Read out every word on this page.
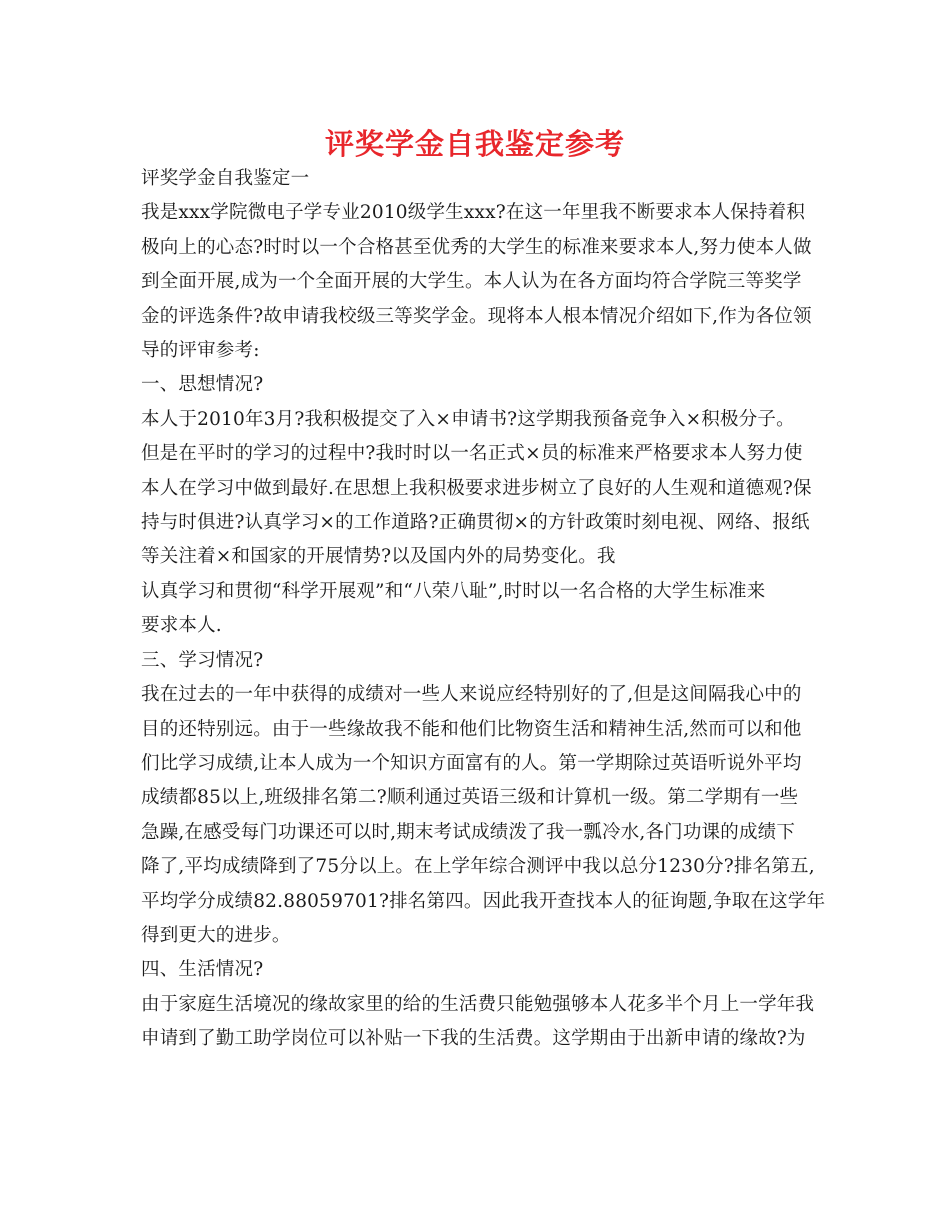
评奖学金自我鉴定参考
评奖学金自我鉴定一
我是xxx学院微电子学专业2010级学生xxx?在这一年里我不断要求本人保持着积
极向上的心态?时时以一个合格甚至优秀的大学生的标准来要求本人,努力使本人做
到全面开展,成为一个全面开展的大学生。本人认为在各方面均符合学院三等奖学
金的评选条件?故申请我校级三等奖学金。现将本人根本情况介绍如下,作为各位领
导的评审参考:
一、思想情况?
本人于2010年3月?我积极提交了入×申请书?这学期我预备竞争入×积极分子。
但是在平时的学习的过程中?我时时以一名正式×员的标准来严格要求本人努力使
本人在学习中做到最好.在思想上我积极要求进步树立了良好的人生观和道德观?保
持与时俱进?认真学习×的工作道路?正确贯彻×的方针政策时刻电视、网络、报纸
等关注着×和国家的开展情势?以及国内外的局势变化。我
认真学习和贯彻“科学开展观”和“八荣八耻”,时时以一名合格的大学生标准来
要求本人.
三、学习情况?
我在过去的一年中获得的成绩对一些人来说应经特别好的了,但是这间隔我心中的
目的还特别远。由于一些缘故我不能和他们比物资生活和精神生活,然而可以和他
们比学习成绩,让本人成为一个知识方面富有的人。第一学期除过英语听说外平均
成绩都85以上,班级排名第二?顺利通过英语三级和计算机一级。第二学期有一些
急躁,在感受每门功课还可以时,期末考试成绩泼了我一瓢冷水,各门功课的成绩下
降了,平均成绩降到了75分以上。在上学年综合测评中我以总分1230分?排名第五,
平均学分成绩82.88059701?排名第四。因此我开查找本人的征询题,争取在这学年
得到更大的进步。
四、生活情况?
由于家庭生活境况的缘故家里的给的生活费只能勉强够本人花多半个月上一学年我
申请到了勤工助学岗位可以补贴一下我的生活费。这学期由于出新申请的缘故?为
